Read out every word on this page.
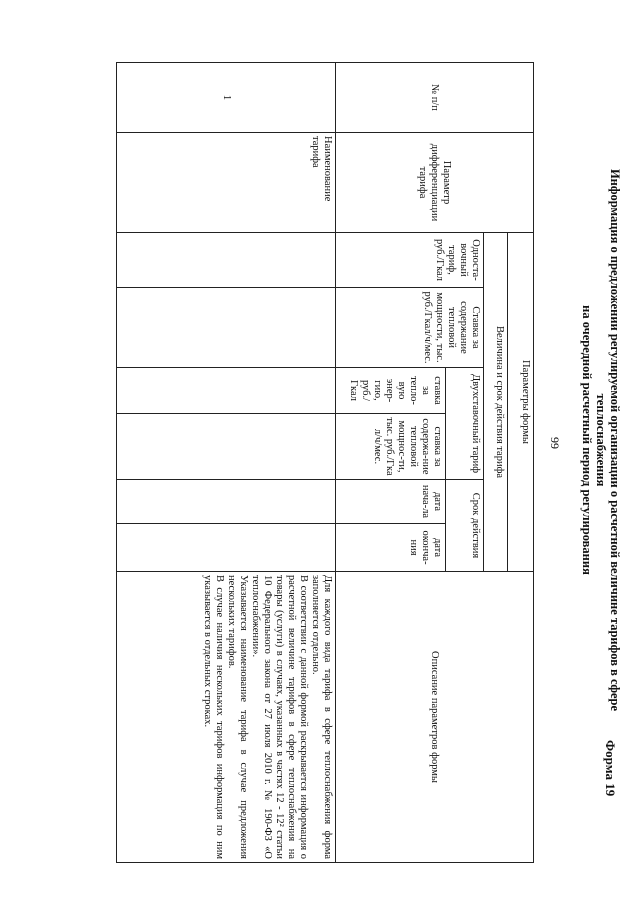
99
Форма 19
Информация о предложении регулируемой организации о расчетной величине тарифов в сфере теплоснабжения
на очередной расчетный период регулирования
№ п/п	Параметр дифференциации тарифа	Параметры формы						Описание параметров формы
		Величина и срок действия тарифа						
		Односта-вочный тариф, руб./Гкал	Ставка за содержание тепловой мощности, тыс. руб./Гкал/ч/мес.	Двухставочный тариф		Срок действия		
				ставка за тепло-вую энер-гию, руб./Гкал	ставка за содержа-ние тепловой мощнос-ти, тыс. руб./Гка л/ч/мес.	дата нача-ла	дата оконча-ния	
1	Наименование тарифа							Для каждого вида тарифа в сфере теплоснабжения форма заполняется отдельно.

В соответствии с данной формой раскрывается информация о расчетной величине тарифов в сфере теплоснабжения на товары (услуги) в случаях, указанных в частях 12 - 12² статьи 10 Федерального закона от 27 июля 2010 г. № 190-ФЗ «О теплоснабжении».

Указывается наименование тарифа в случае предложения нескольких тарифов.

В случае наличия нескольких тарифов информация по ним указывается в отдельных строках.
